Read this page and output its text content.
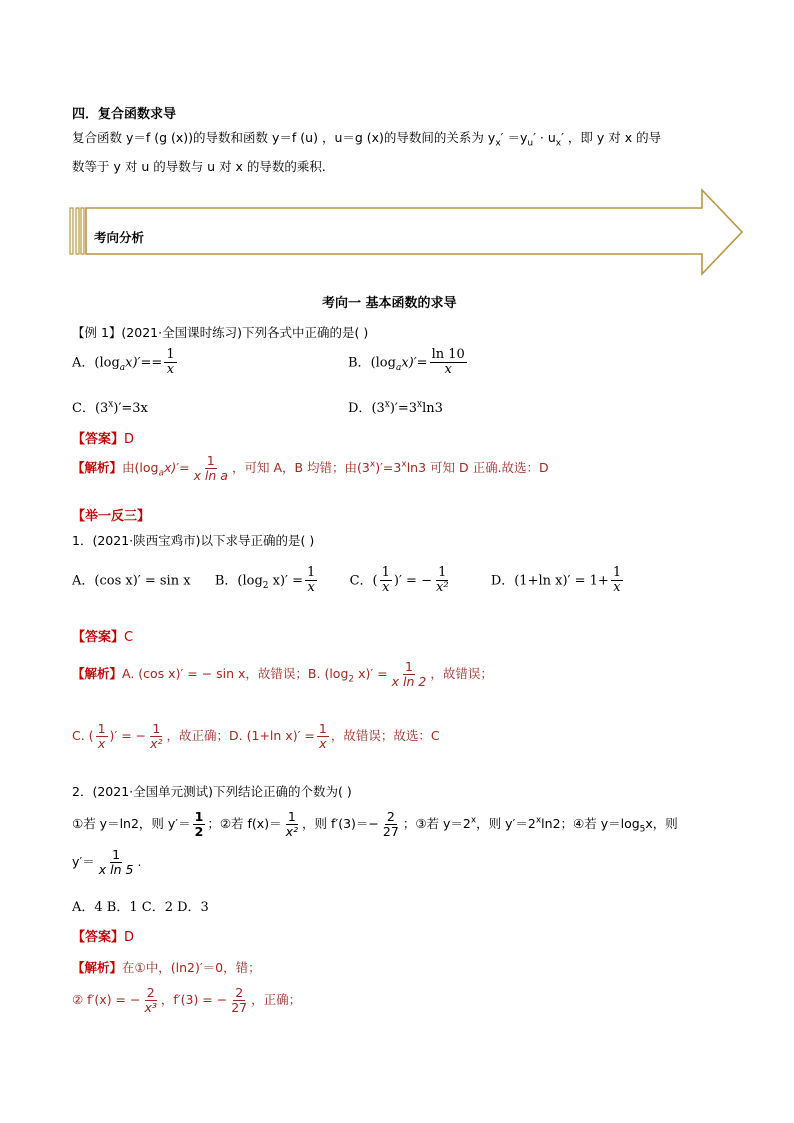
四．复合函数求导
复合函数 y＝f (g (x))的导数和函数 y＝f (u) ，u＝g (x)的导数间的关系为 $y_x' =y_u' \cdot u_x'$ ，即 y 对 x 的导
数等于 y 对 u 的导数与 u 对 x 的导数的乘积．
考向分析
考向一 基本函数的求导
【例 1】(2021·全国课时练习)下列各式中正确的是( )
A．$(\log_ax)'== \frac{1}{x}$	B．$(\log_ax)'= \frac{\ln 10}{x}$
C．$(3^x)'=3x$	D．$(3^x)'=3^x\ln 3$
【答案】D
【解析】由$(\log_ax)'= \frac{1}{\text{x ln a}}$ ，可知 A，B 均错；由$(3^x)'=3^x\ln 3$ 可知 D 正确.故选：D
【举一反三】
1．(2021·陕西宝鸡市)以下求导正确的是( )
A．(cos x)′ = sin x B．($\log_2$ $x)' = \frac{1}{x}$ C．( $\frac{1}{x}$ )′ = − $\frac{1}{\text{x²}}$	D．(1+ln $x)' = 1+ \frac{1}{x}$
【答案】C
【解析】A. (cos x)′ = − sin x，故错误；B. ($\log_2$ $x)' = \frac{1}{\text{x ln 2}}$ ，故错误；
C. ( $\frac{1}{x}$ )′ = − $\frac{1}{\text{x²}}$ ，故正确；D. (1+ln $x)' = \frac{1}{x}$ ，故错误；故选：C
2．(2021·全国单元测试)下列结论正确的个数为( )
①若 y＝ln2，则 $y'= \frac{1}{2}$ ；②若 $f(x)= \frac{1}{\text{x²}}$ ，则 $f'(3)=- \frac{2}{27}$ ；③若 $y=2^x$，则 $y'=2^x\ln 2$；④若 $y=\log_5x$，则
$y'= \frac{1}{\text{x ln 5}}$ .
A．4 B．1 C．2 D．3
【答案】D
【解析】在①中，(ln2)′＝0，错；
② f′(x) = − $\frac{2}{\text{x³}}$ ，f′(3) = − $\frac{2}{27}$ ，正确；
